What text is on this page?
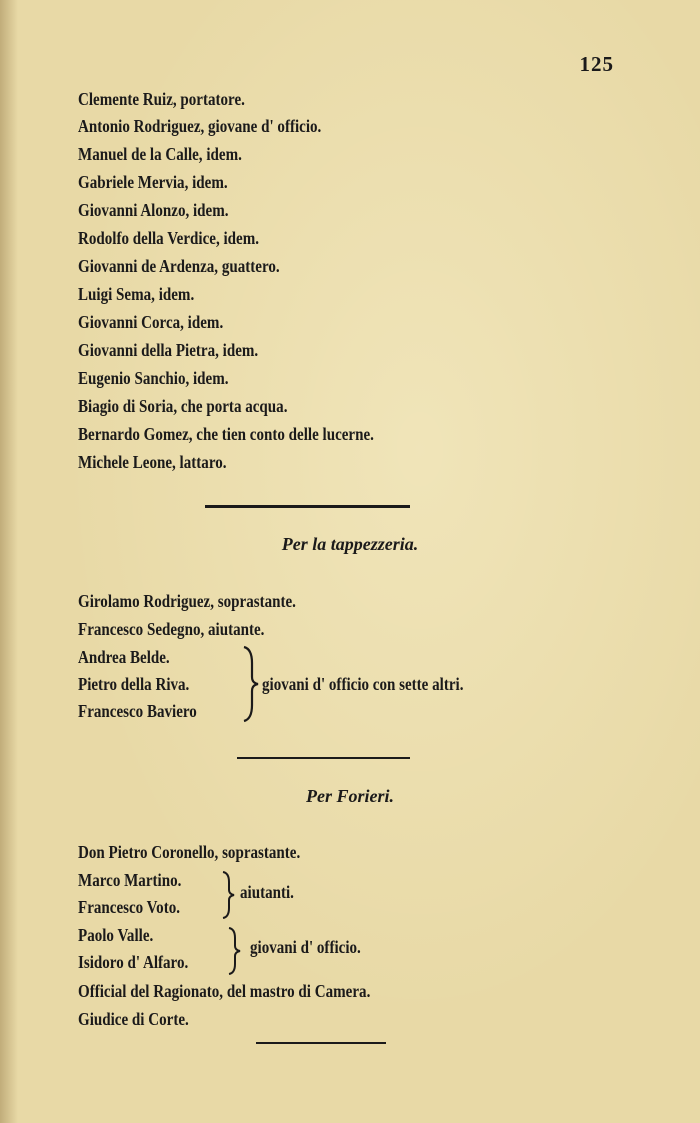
125
Clemente Ruiz, portatore.
Antonio Rodriguez, giovane d' officio.
Manuel de la Calle, idem.
Gabriele Mervia, idem.
Giovanni Alonzo, idem.
Rodolfo della Verdice, idem.
Giovanni de Ardenza, guattero.
Luigi Sema, idem.
Giovanni Corca, idem.
Giovanni della Pietra, idem.
Eugenio Sanchio, idem.
Biagio di Soria, che porta acqua.
Bernardo Gomez, che tien conto delle lucerne.
Michele Leone, lattaro.
Per la tappezzeria.
Girolamo Rodriguez, soprastante.
Francesco Sedegno, aiutante.
Andrea Belde.
Pietro della Riva.
Francesco Baviero
giovani d' officio con sette altri.
Per Forieri.
Don Pietro Coronello, soprastante.
Marco Martino.
Francesco Voto.
aiutanti.
Paolo Valle.
Isidoro d' Alfaro.
giovani d' officio.
Official del Ragionato, del mastro di Camera.
Giudice di Corte.
